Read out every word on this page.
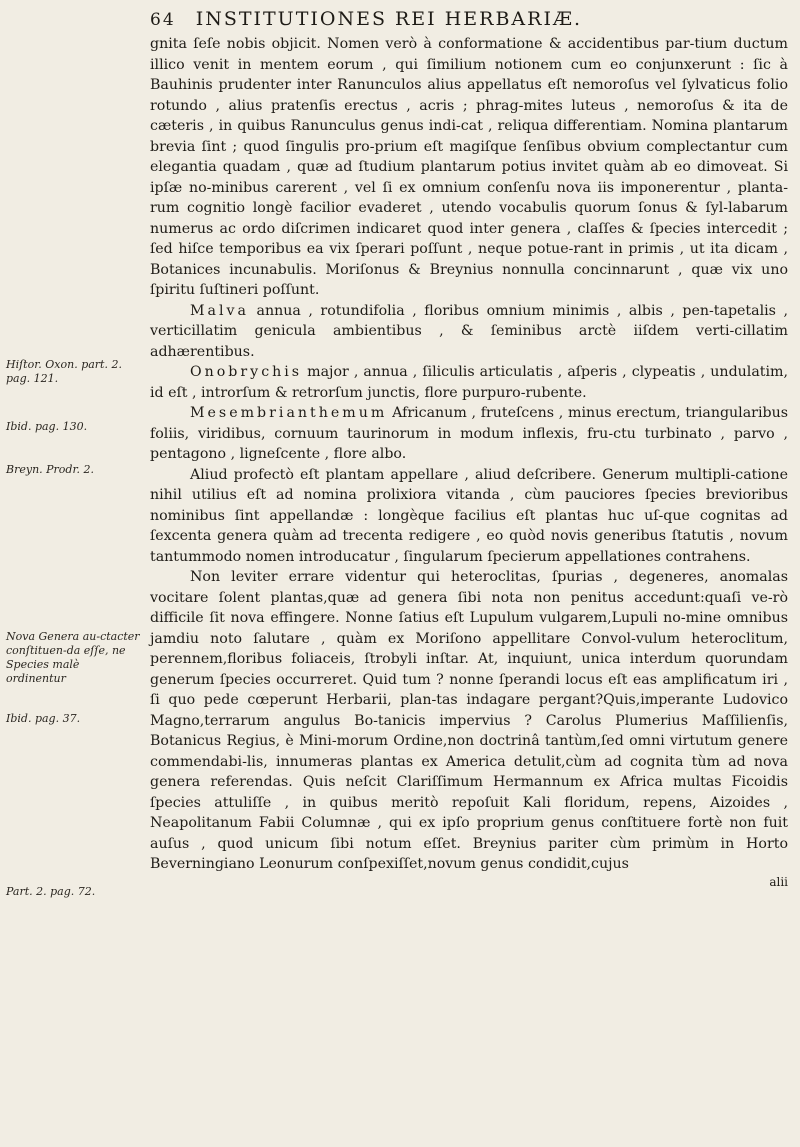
64 INSTITUTIONES REI HERBARIÆ.
Hiſtor. Oxon. part. 2. pag. 121.
Ibid. pag. 130.
Breyn. Prodr. 2.
Nova Genera au-ctacter conſtituen-da eſſe, ne Species malè ordinentur
Ibid. pag. 37.
Part. 2. pag. 72.

gnita ſeſe nobis objicit. Nomen verò à conformatione & accidentibus par-tium ductum illico venit in mentem eorum , qui ſimilium notionem cum eo conjunxerunt : ſic à Bauhinis prudenter inter Ranunculos alius appellatus eſt nemoroſus vel ſylvaticus folio rotundo , alius pratenſis erectus , acris ; phrag-mites luteus , nemoroſus & ita de cæteris , in quibus Ranunculus genus indi-cat , reliqua differentiam. Nomina plantarum brevia ſint ; quod ſingulis pro-prium eſt magiſque ſenſibus obvium complectantur cum elegantia quadam , quæ ad ſtudium plantarum potius invitet quàm ab eo dimoveat. Si ipſæ no-minibus carerent , vel ſi ex omnium conſenſu nova iis imponerentur , planta-rum cognitio longè facilior evaderet , utendo vocabulis quorum ſonus & ſyl-labarum numerus ac ordo diſcrimen indicaret quod inter genera , claſſes & ſpecies intercedit ; ſed hiſce temporibus ea vix ſperari poſſunt , neque potue-rant in primis , ut ita dicam , Botanices incunabulis. Moriſonus & Breynius nonnulla concinnarunt , quæ vix uno ſpiritu ſuſtineri poſſunt.

Malva annua , rotundifolia , floribus omnium minimis , albis , pen-tapetalis , verticillatim genicula ambientibus , & ſeminibus arctè iiſdem verti-cillatim adhærentibus.

Onobrychis major , annua , ſiliculis articulatis , aſperis , clypeatis , undulatim, id eſt , introrſum & retrorſum junctis, flore purpuro-rubente.

Mesembrianthemum Africanum , fruteſcens , minus erectum, triangularibus foliis, viridibus, cornuum taurinorum in modum inflexis, fru-ctu turbinato , parvo , pentagono , ligneſcente , flore albo.

Aliud profectò eſt plantam appellare , aliud deſcribere. Generum multipli-catione nihil utilius eſt ad nomina prolixiora vitanda , cùm pauciores ſpecies brevioribus nominibus ſint appellandæ : longèque facilius eſt plantas huc uſ-que cognitas ad ſexcenta genera quàm ad trecenta redigere , eo quòd novis generibus ſtatutis , novum tantummodo nomen introducatur , ſingularum ſpecierum appellationes contrahens.

Non leviter errare videntur qui heteroclitas, ſpurias , degeneres, anomalas vocitare ſolent plantas,quæ ad genera ſibi nota non penitus accedunt:quaſi ve-rò difficile ſit nova effingere. Nonne ſatius eſt Lupulum vulgarem,Lupuli no-mine omnibus jamdiu noto ſalutare , quàm ex Moriſono appellitare Convol-vulum heteroclitum, perennem,floribus foliaceis, ſtrobyli inſtar. At, inquiunt, unica interdum quorundam generum ſpecies occurreret. Quid tum ? nonne ſperandi locus eſt eas amplificatum iri , ſi quo pede cœperunt Herbarii, plan-tas indagare pergant?Quis,imperante Ludovico Magno,terrarum angulus Bo-tanicis impervius ? Carolus Plumerius Maſſilienſis, Botanicus Regius, è Mini-morum Ordine,non doctrinâ tantùm,ſed omni virtutum genere commendabi-lis, innumeras plantas ex America detulit,cùm ad cognita tùm ad nova genera referendas. Quis neſcit Clariſſimum Hermannum ex Africa multas Ficoidis ſpecies attuliſſe , in quibus meritò repoſuit Kali floridum, repens, Aizoides , Neapolitanum Fabii Columnæ , qui ex ipſo proprium genus conſtituere fortè non fuit auſus , quod unicum ſibi notum eſſet. Breynius pariter cùm primùm in Horto Beverningiano Leonurum conſpexiſſet,novum genus condidit,cujus

alii
